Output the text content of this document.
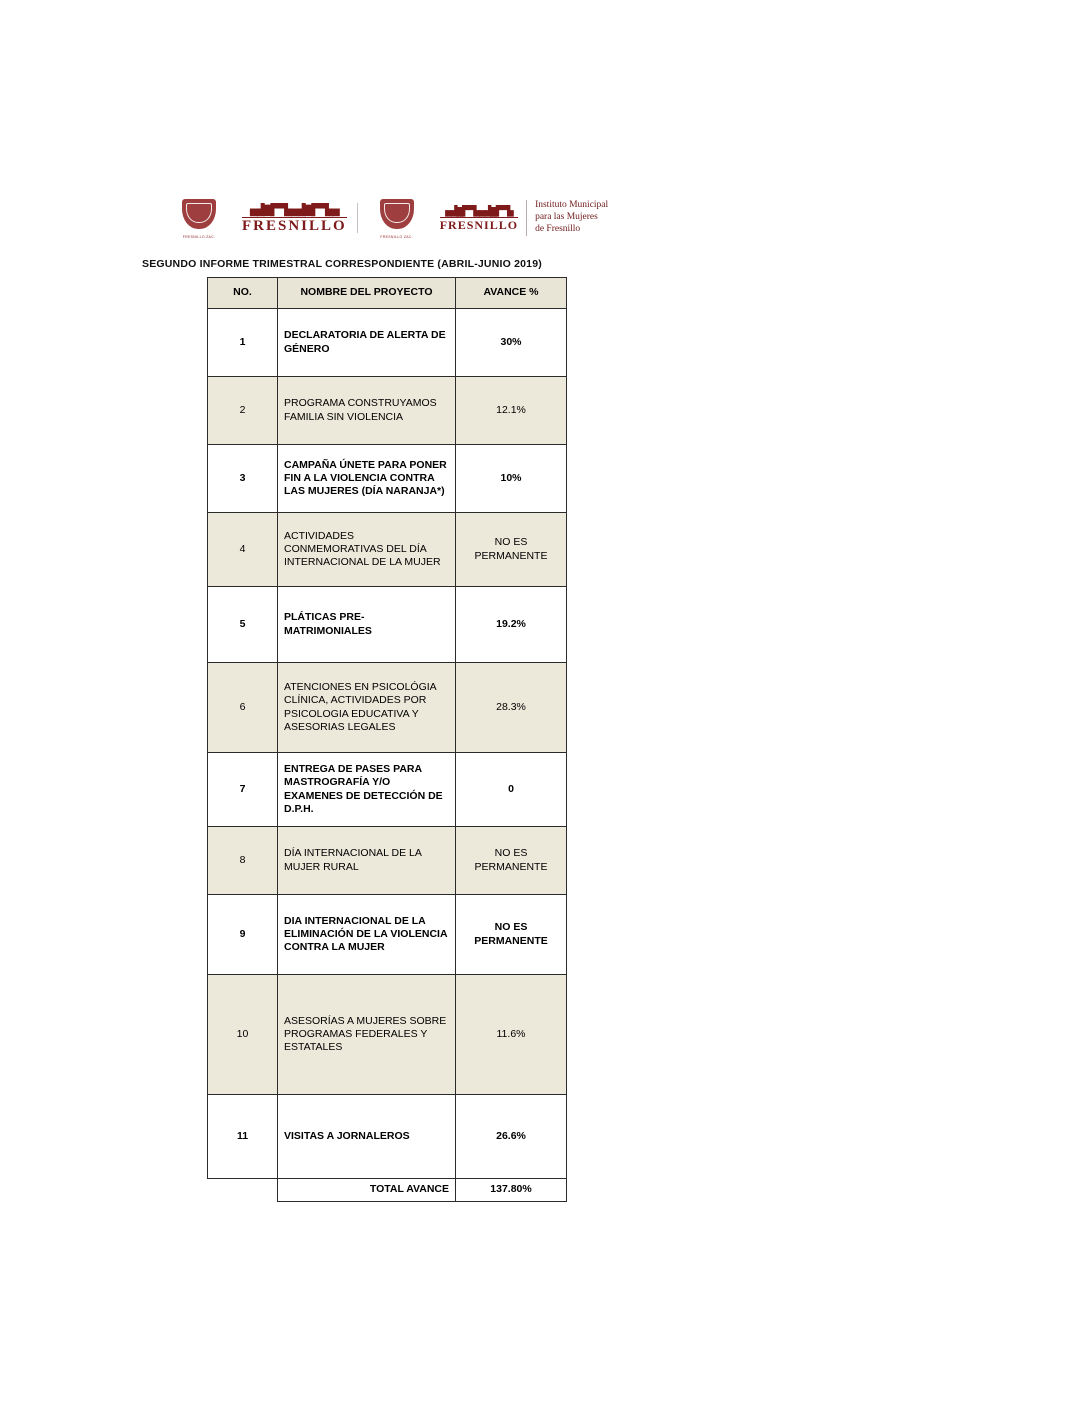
FRESNILLO ZAC.
▄▟▆▛▀▙▄▟▆▛▀▙▄
FRESNILLO
FRESNILLO ZAC.
▄▟▆▛▀▙▄▟▆▛▀▙
FRESNILLO
Instituto Municipal
para las Mujeres
de Fresnillo
SEGUNDO INFORME TRIMESTRAL CORRESPONDIENTE (ABRIL-JUNIO 2019)
NO.	NOMBRE DEL PROYECTO	AVANCE %
1	DECLARATORIA DE ALERTA DE GÉNERO	30%
2	PROGRAMA CONSTRUYAMOS FAMILIA SIN VIOLENCIA	12.1%
3	CAMPAÑA ÚNETE PARA PONER FIN A LA VIOLENCIA CONTRA LAS MUJERES (DÍA NARANJA*)	10%
4	ACTIVIDADES CONMEMORATIVAS DEL DÍA INTERNACIONAL DE LA MUJER	NO ES PERMANENTE
5	PLÁTICAS PRE-MATRIMONIALES	19.2%
6	ATENCIONES EN PSICOLÓGIA CLÍNICA, ACTIVIDADES POR PSICOLOGIA EDUCATIVA Y ASESORIAS LEGALES	28.3%
7	ENTREGA DE PASES PARA MASTROGRAFÍA Y/O EXAMENES DE DETECCIÓN DE D.P.H.	0
8	DÍA INTERNACIONAL DE LA MUJER RURAL	NO ES PERMANENTE
9	DIA INTERNACIONAL DE LA ELIMINACIÓN DE LA VIOLENCIA CONTRA LA MUJER	NO ES PERMANENTE
10	ASESORÍAS A MUJERES SOBRE PROGRAMAS FEDERALES Y ESTATALES	11.6%
11	VISITAS A JORNALEROS	26.6%
	TOTAL AVANCE	137.80%
